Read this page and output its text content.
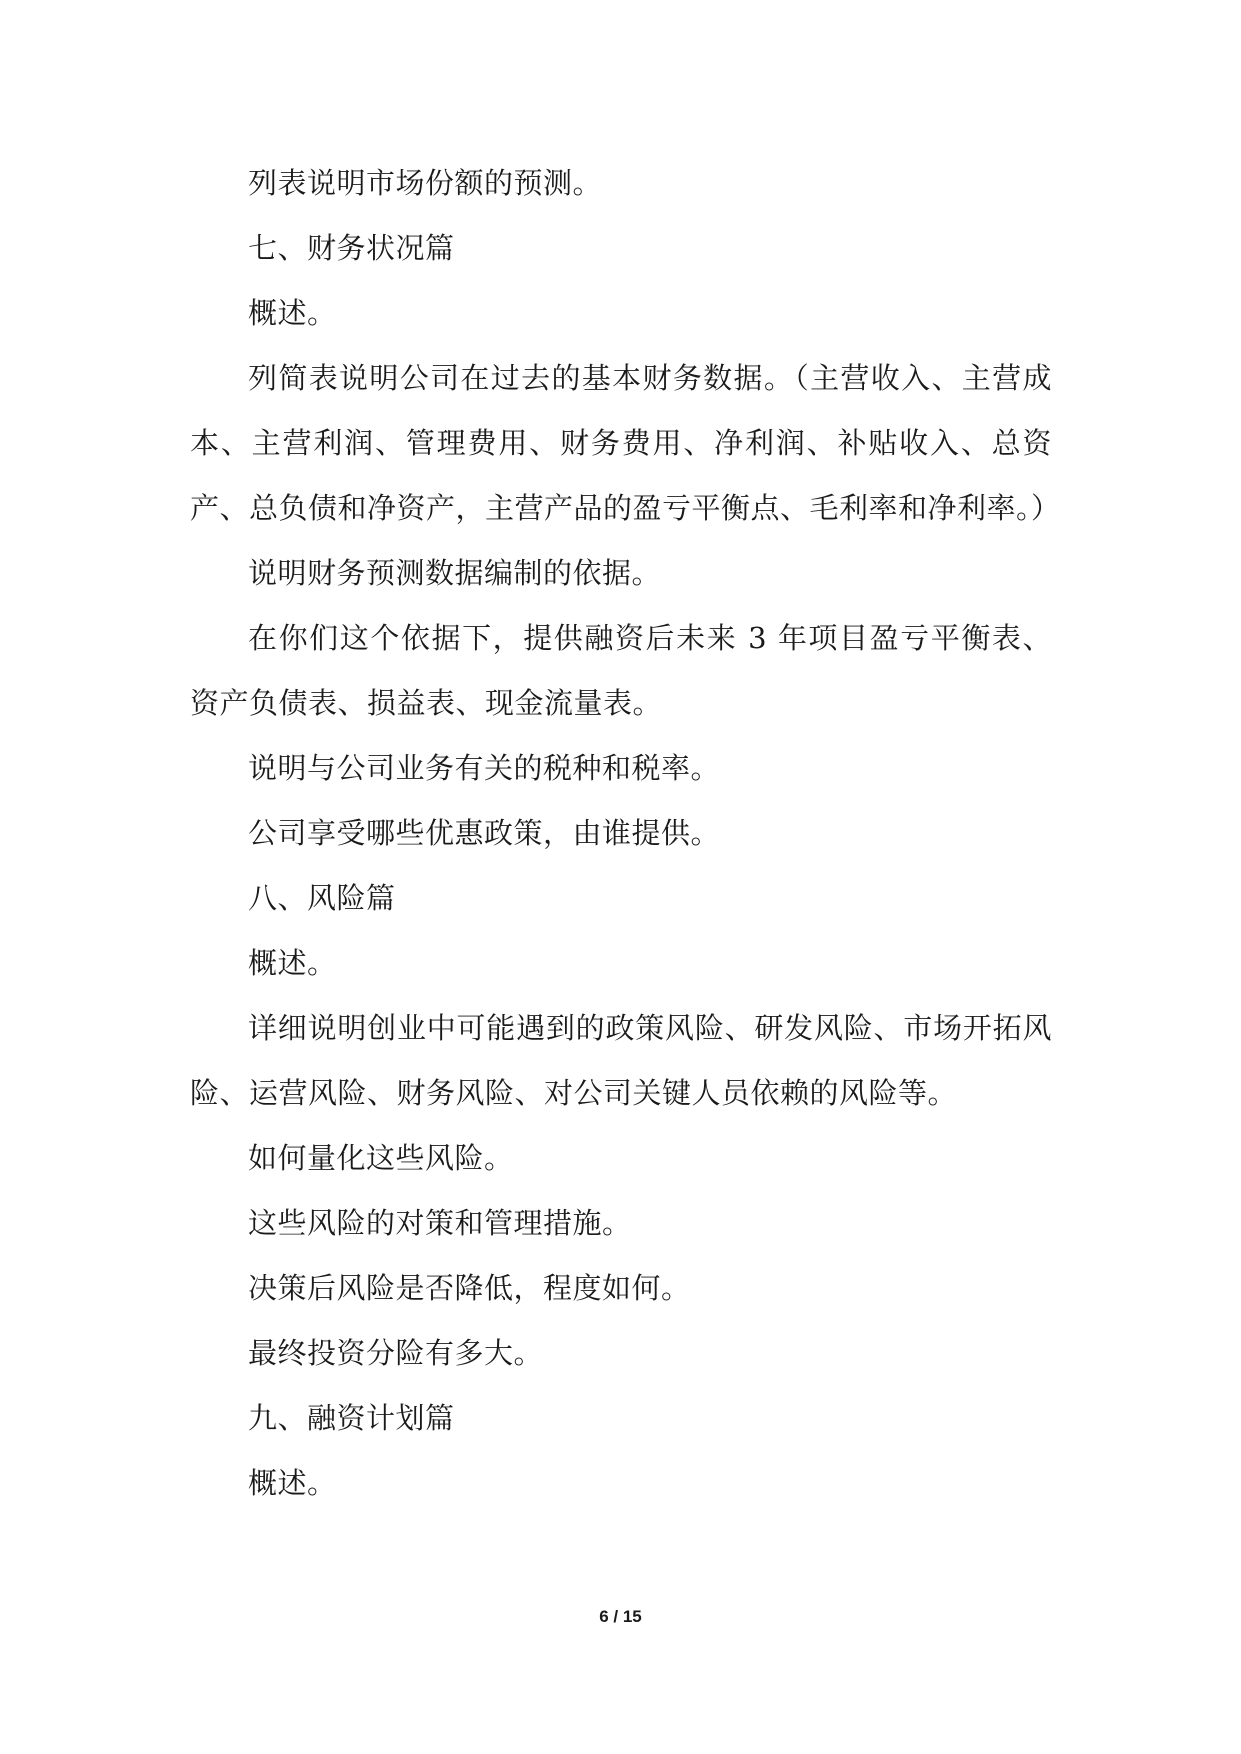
列表说明市场份额的预测。

七、财务状况篇

概述。

列简表说明公司在过去的基本财务数据。（主营收入、主营成本、主营利润、管理费用、财务费用、净利润、补贴收入、总资产、总负债和净资产，主营产品的盈亏平衡点、毛利率和净利率。）

说明财务预测数据编制的依据。

在你们这个依据下，提供融资后未来 3 年项目盈亏平衡表、资产负债表、损益表、现金流量表。

说明与公司业务有关的税种和税率。

公司享受哪些优惠政策，由谁提供。

八、风险篇

概述。

详细说明创业中可能遇到的政策风险、研发风险、市场开拓风险、运营风险、财务风险、对公司关键人员依赖的风险等。

如何量化这些风险。

这些风险的对策和管理措施。

决策后风险是否降低，程度如何。

最终投资分险有多大。

九、融资计划篇

概述。

6 / 15
